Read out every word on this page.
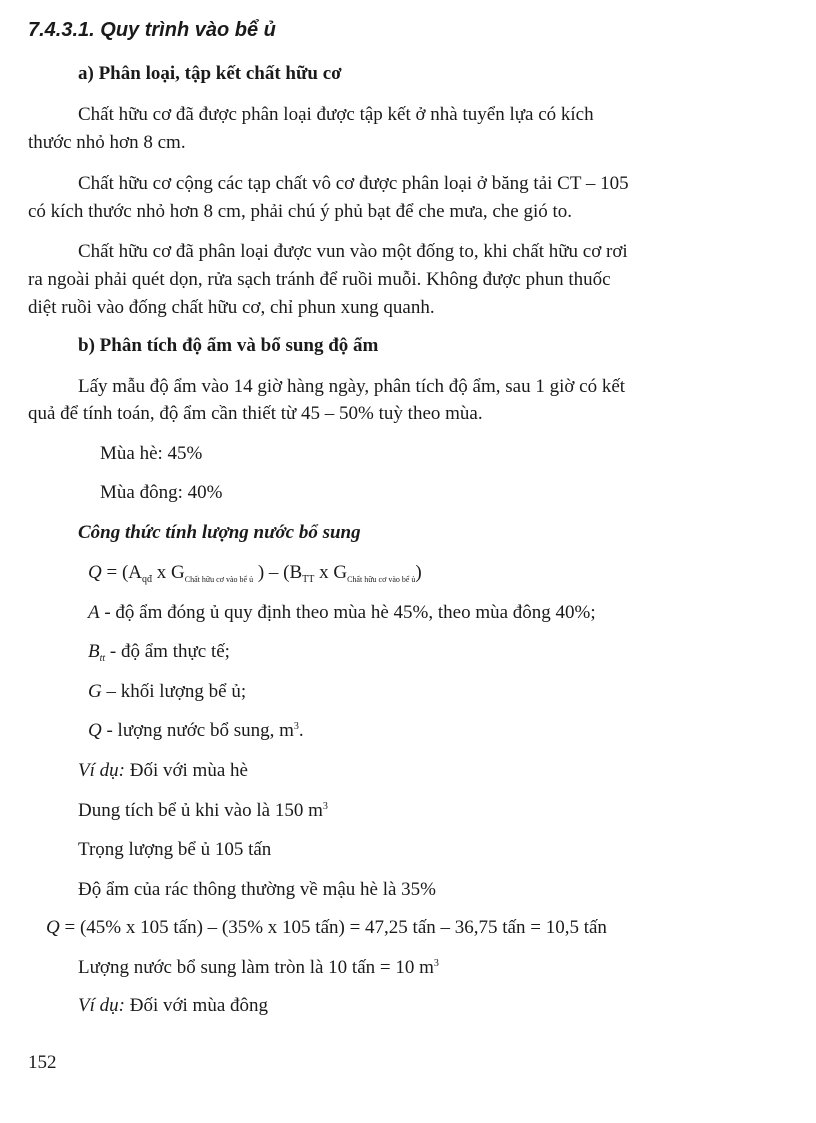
7.4.3.1. Quy trình vào bể ủ
a) Phân loại, tập kết chất hữu cơ
Chất hữu cơ đã được phân loại được tập kết ở nhà tuyển lựa có kích
thước nhỏ hơn 8 cm.
Chất hữu cơ cộng các tạp chất vô cơ được phân loại ở băng tải CT – 105
có kích thước nhỏ hơn 8 cm, phải chú ý phủ bạt để che mưa, che gió to.
Chất hữu cơ đã phân loại được vun vào một đống to, khi chất hữu cơ rơi
ra ngoài phải quét dọn, rửa sạch tránh để ruồi muỗi. Không được phun thuốc
diệt ruồi vào đống chất hữu cơ, chỉ phun xung quanh.
b) Phân tích độ ẩm và bổ sung độ ẩm
Lấy mẫu độ ẩm vào 14 giờ hàng ngày, phân tích độ ẩm, sau 1 giờ có kết
quả để tính toán, độ ẩm cần thiết từ 45 – 50% tuỳ theo mùa.
Mùa hè: 45%
Mùa đông: 40%
Công thức tính lượng nước bổ sung
$Q = (A_{qđ}$ x $G_{Chất hữu cơ vào bể ủ}$ ) – ($B_{TT}$ x $G_{Chất hữu cơ vào bể ủ}$)
A - độ ẩm đóng ủ quy định theo mùa hè 45%, theo mùa đông 40%;
$B_{tt}$ - độ ẩm thực tế;
G – khối lượng bể ủ;
Q - lượng nước bổ sung, $m^3$.
Ví dụ: Đối với mùa hè
Dung tích bể ủ khi vào là 150 $m^3$
Trọng lượng bể ủ 105 tấn
Độ ẩm của rác thông thường về mậu hè là 35%
Q = (45% x 105 tấn) – (35% x 105 tấn) = 47,25 tấn – 36,75 tấn = 10,5 tấn
Lượng nước bổ sung làm tròn là 10 tấn = 10 $m^3$
Ví dụ: Đối với mùa đông
152
